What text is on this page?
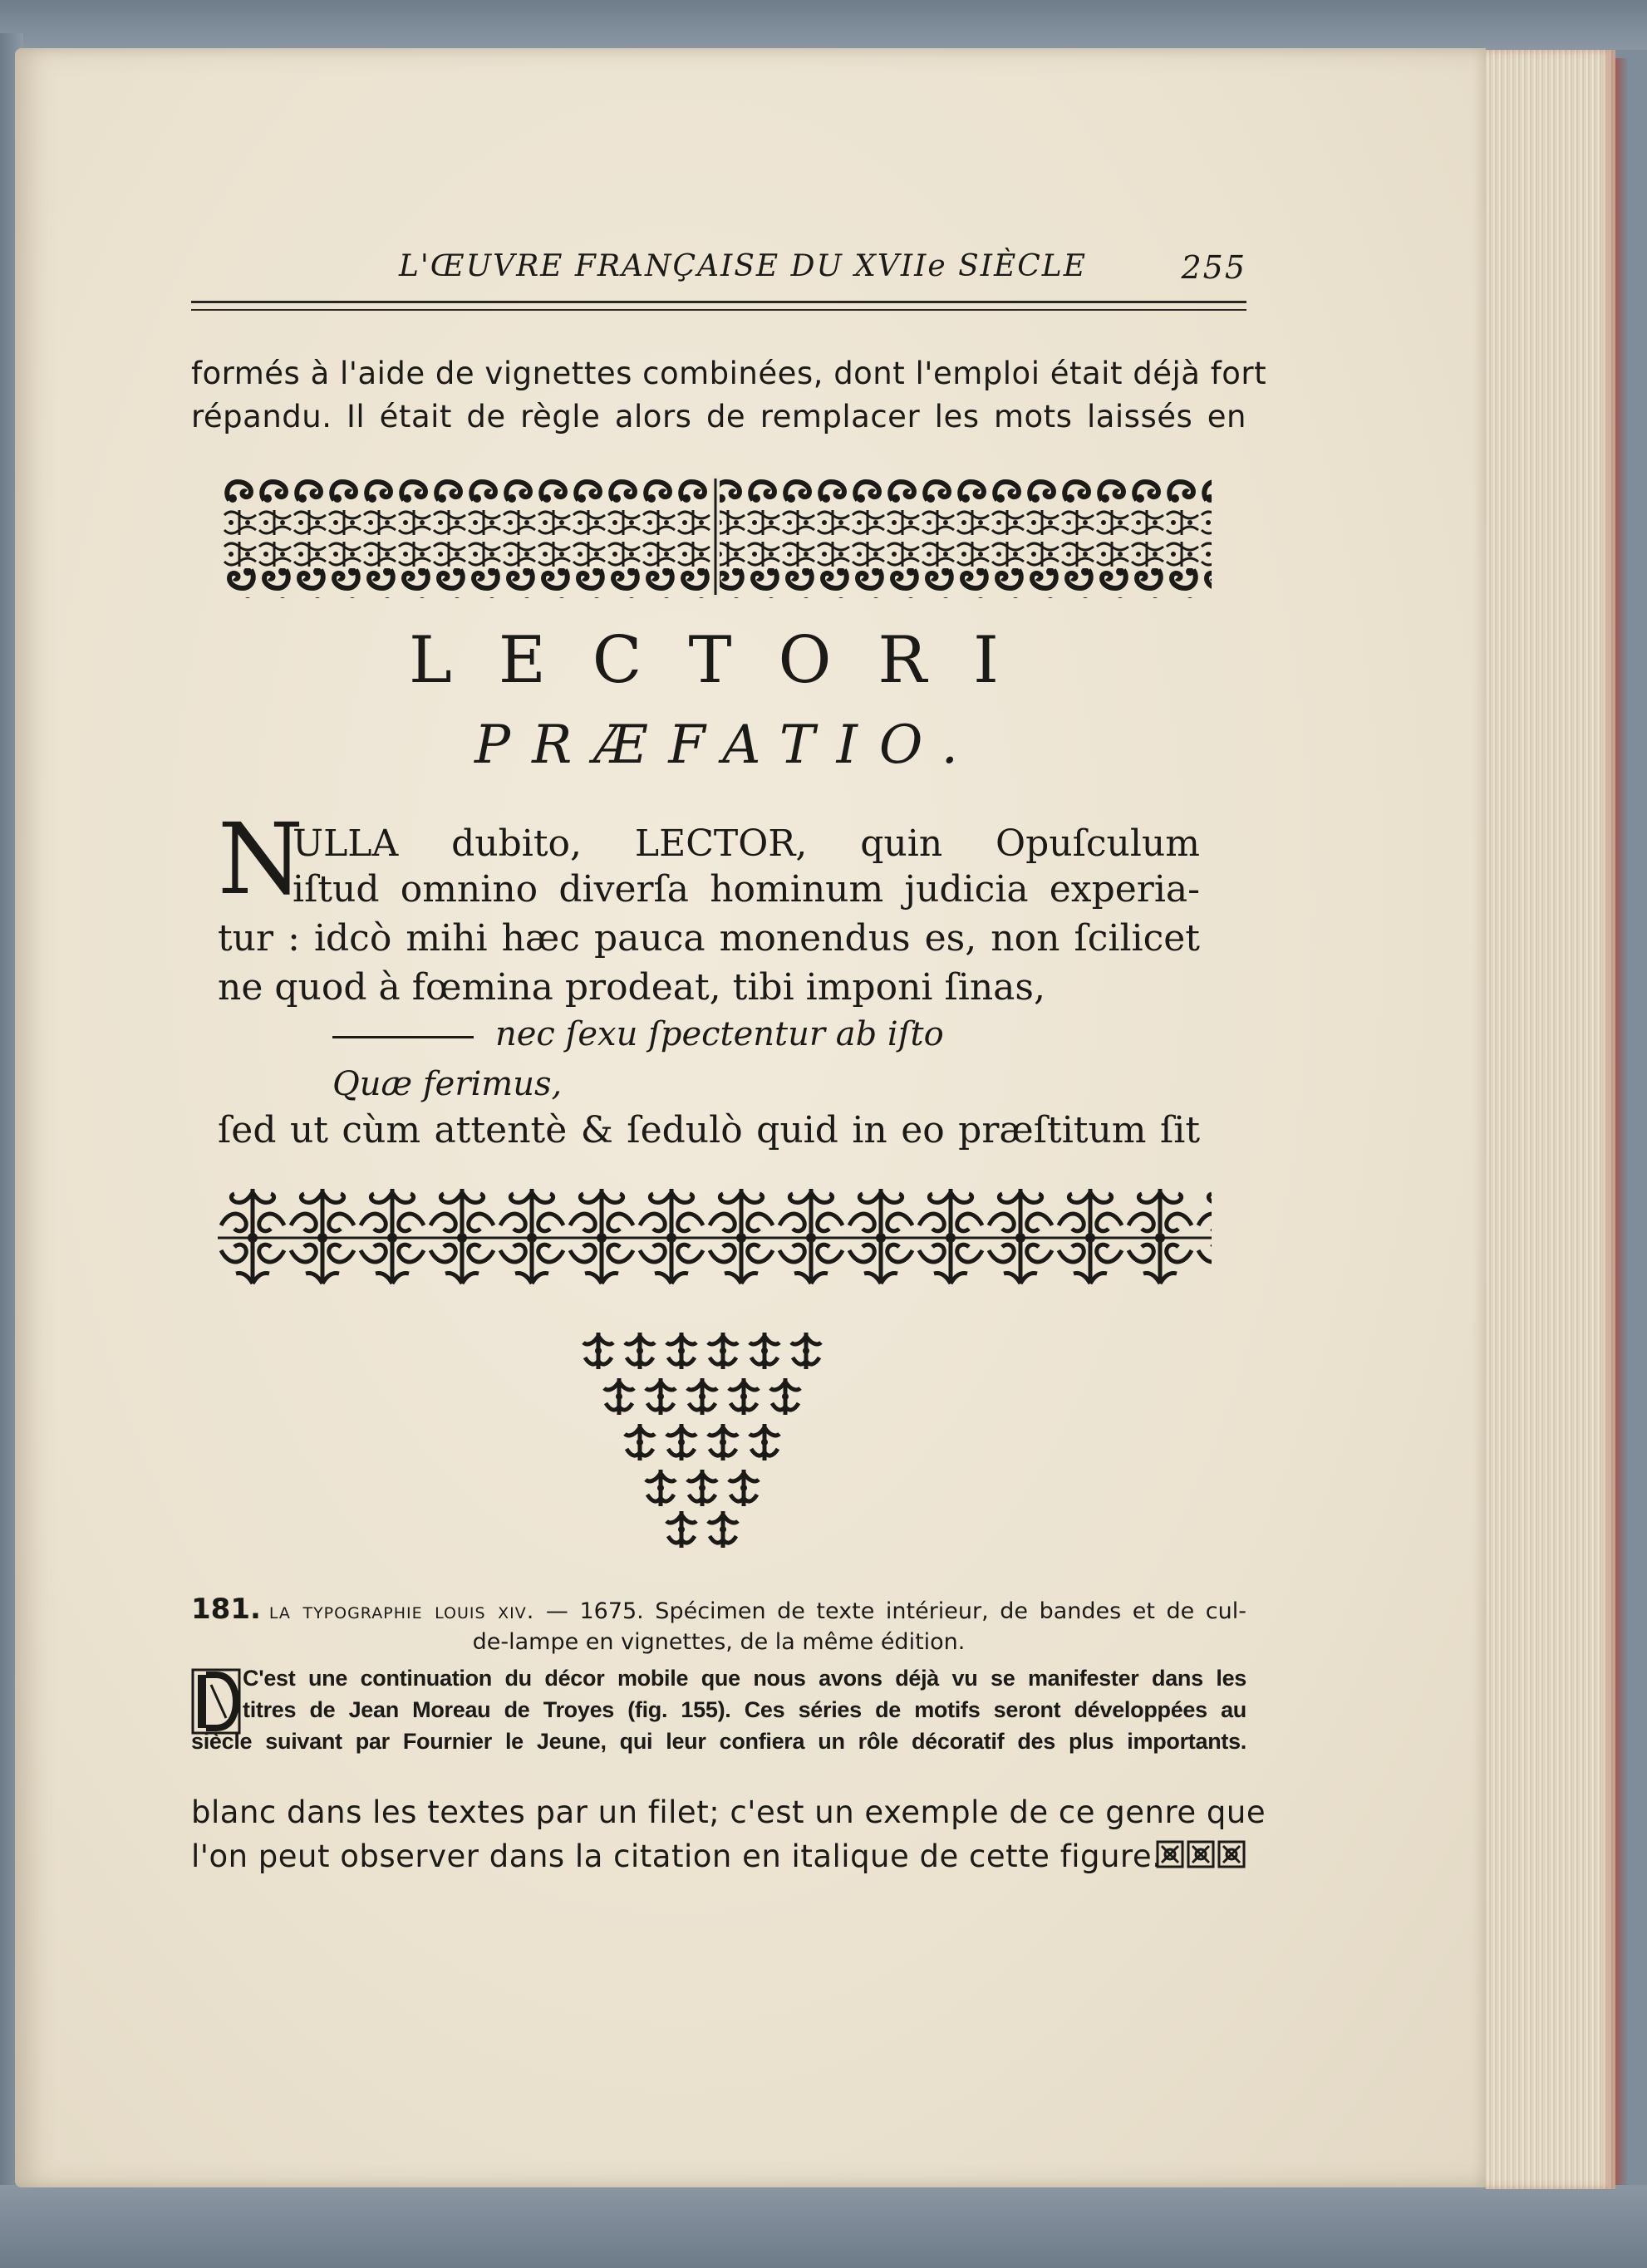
L'ŒUVRE FRANÇAISE DU XVIIe SIÈCLE	255
formés à l'aide de vignettes combinées, dont l'emploi était déjà fort
répandu. Il était de règle alors de remplacer les mots laissés en
LECTORI
PRÆFATIO.
N
ULLA dubito, LECTOR, quin Opuſculum
iſtud omnino diverſa hominum judicia experia-
tur : idcò mihi hæc pauca monendus es, non ſcilicet
ne quod à fœmina prodeat, tibi imponi ſinas,
nec ſexu ſpectentur ab iſto
Quæ ferimus,
ſed ut cùm attentè & ſedulò quid in eo præſtitum ſit
181. la typographie louis xiv. — 1675. Spécimen de texte intérieur, de bandes et de cul-
de-lampe en vignettes, de la même édition.
C'est une continuation du décor mobile que nous avons déjà vu se manifester dans les
titres de Jean Moreau de Troyes (fig. 155). Ces séries de motifs seront développées au
siècle suivant par Fournier le Jeune, qui leur confiera un rôle décoratif des plus importants.
blanc dans les textes par un filet; c'est un exemple de ce genre que
l'on peut observer dans la citation en italique de cette figure.
